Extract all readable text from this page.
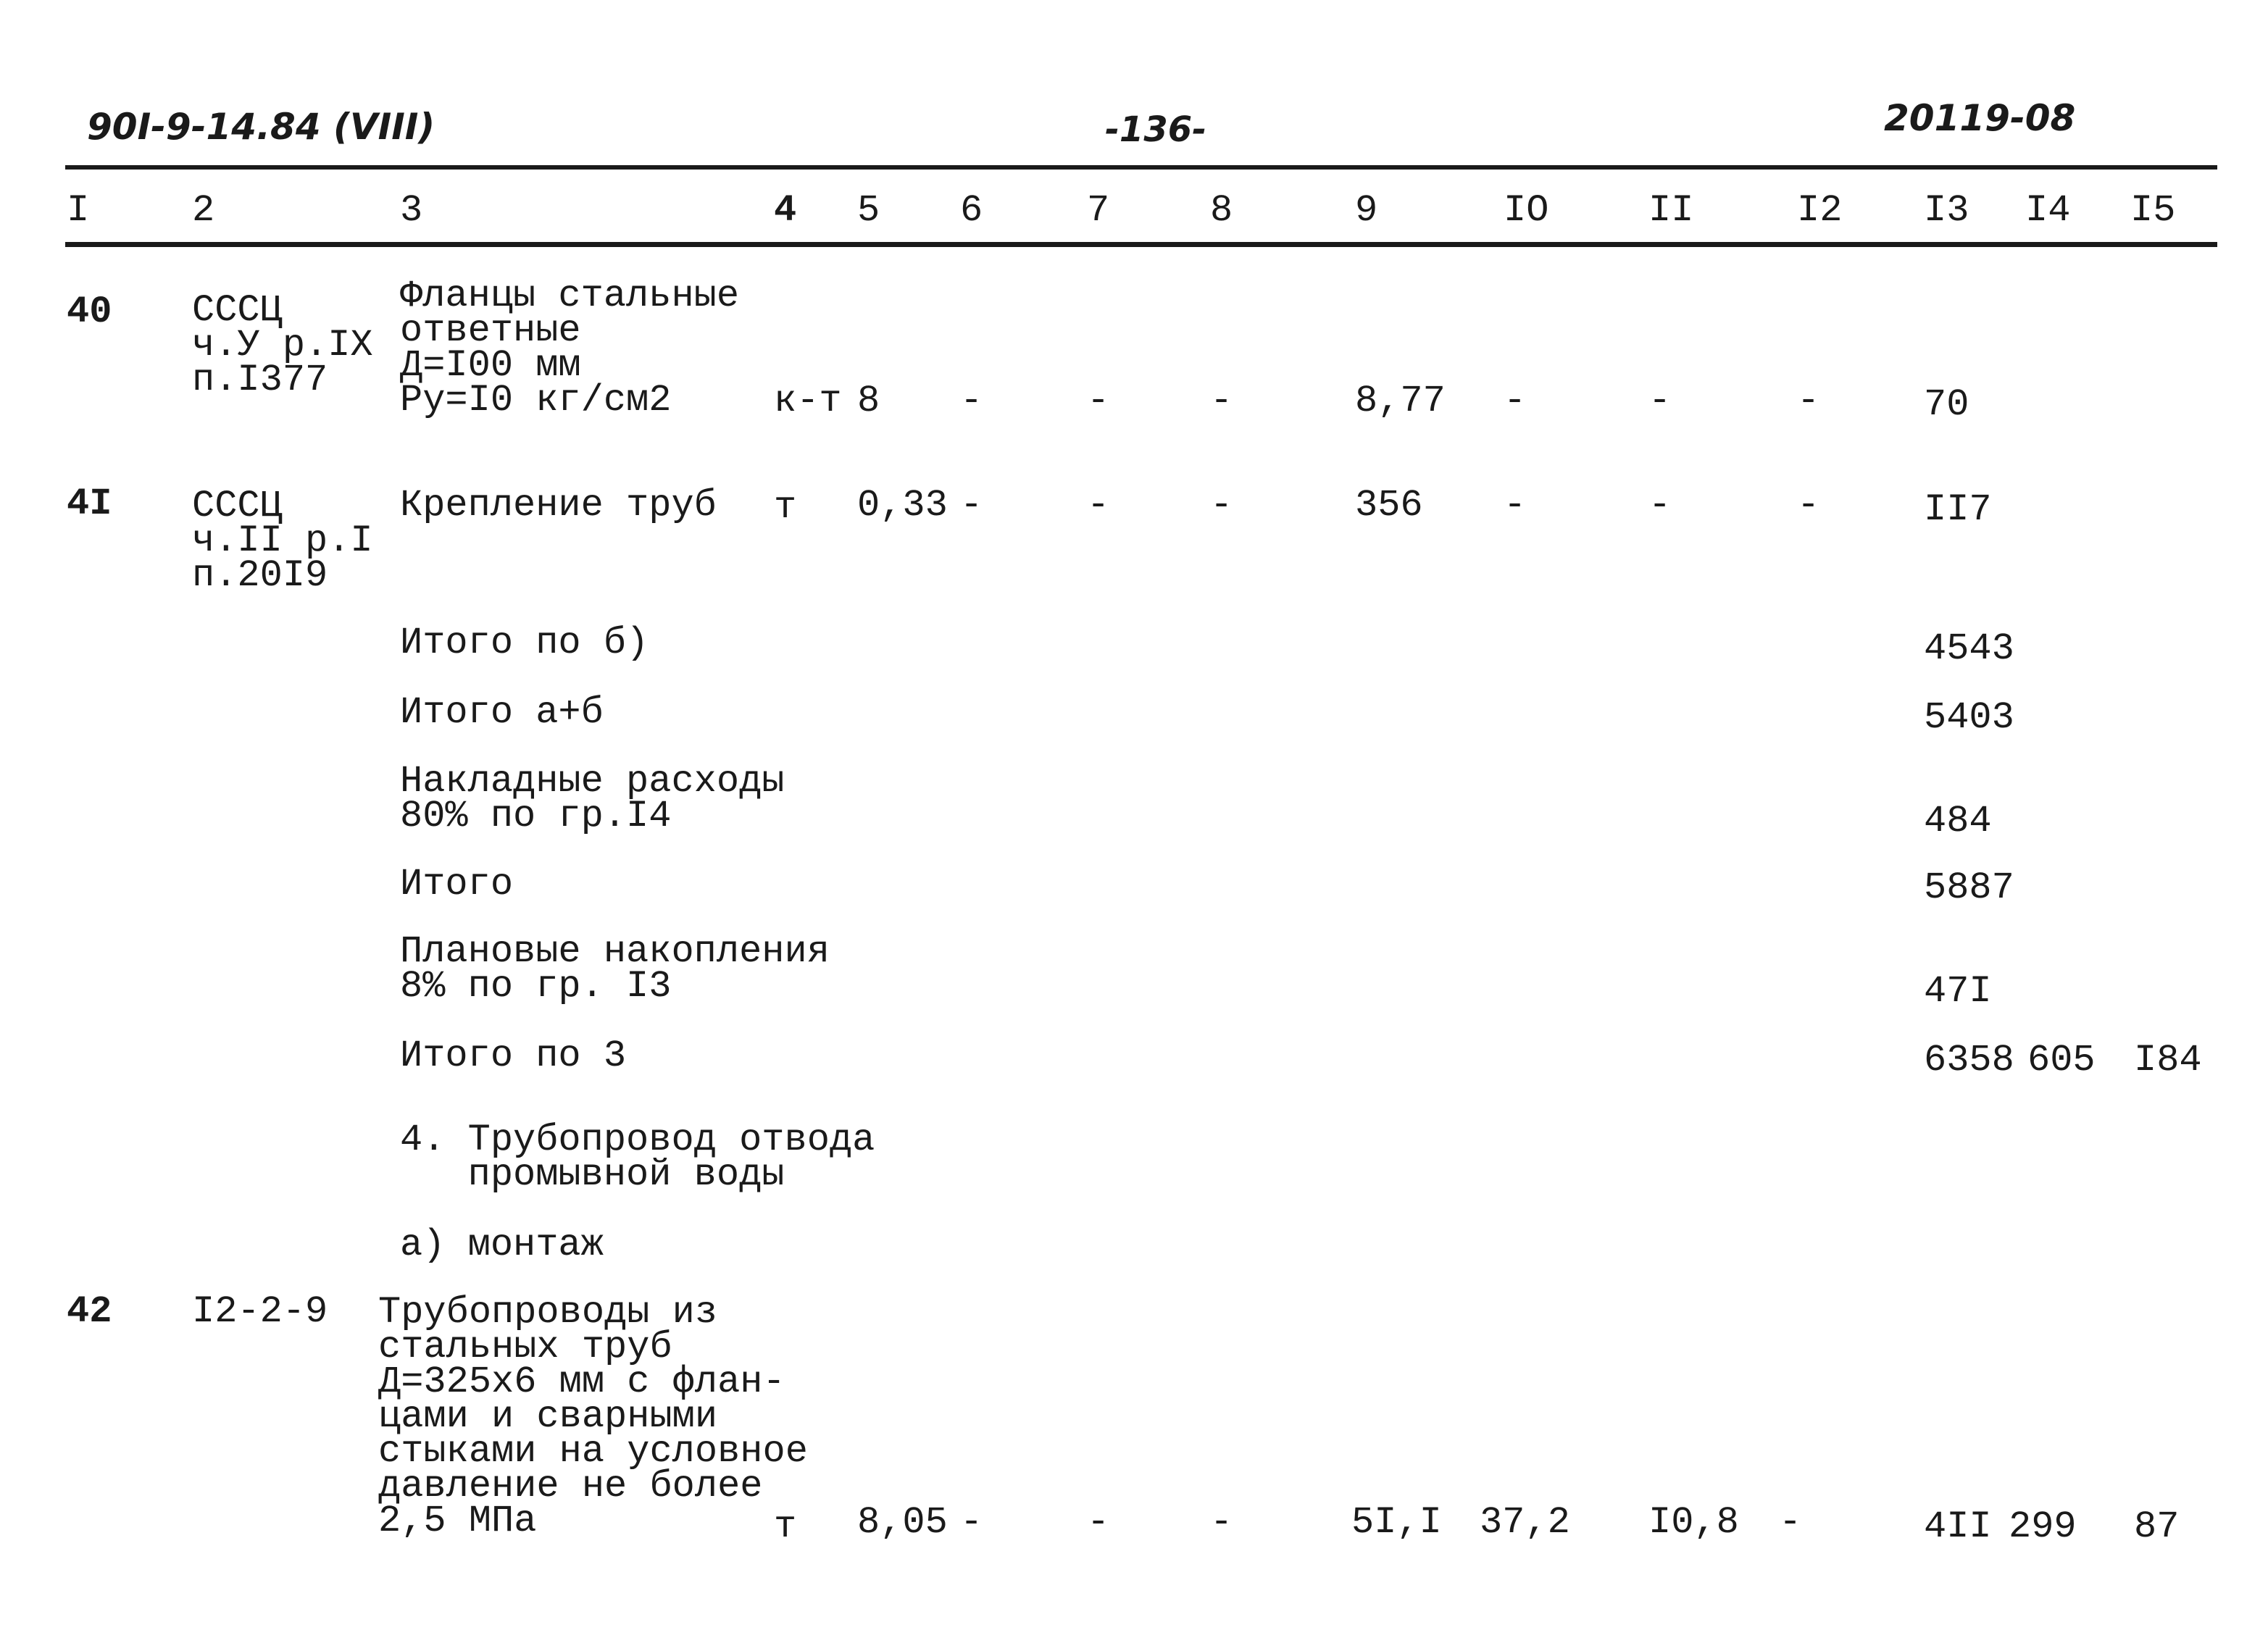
90I-9-14.84 (VIII)	-136-	20119-08
I	2	3	4 5 6	7	8	9	IO	II	I2 I3 I4 I5
40 СССЦ
ч.У р.IX
п.I377
Фланцы стальные
ответные
Д=I00 мм
Ру=I0 кг/см2	к-т 8 -	-	-	8,77 -	-	-	70
4I СССЦ
ч.II р.I
п.20I9
Крепление труб т 0,33 -	-	-	356 -	-	-	II7
Итого по б)	4543
Итого а+б	5403
Накладные расходы
80% по гр.I4	484
Итого	5887
Плановые накопления
8% по гр. I3	47I
Итого по 3	6358 605 I84
4. Трубопровод отвода
промывной воды
а) монтаж
42 I2-2-9 Трубопроводы из
стальных труб
Д=325х6 мм с флан-
цами и сварными
стыками на условное
давление не более
2,5 МПа	т 8,05 -	-	-	5I,I 37,2 I0,8 -	4II 299 87
